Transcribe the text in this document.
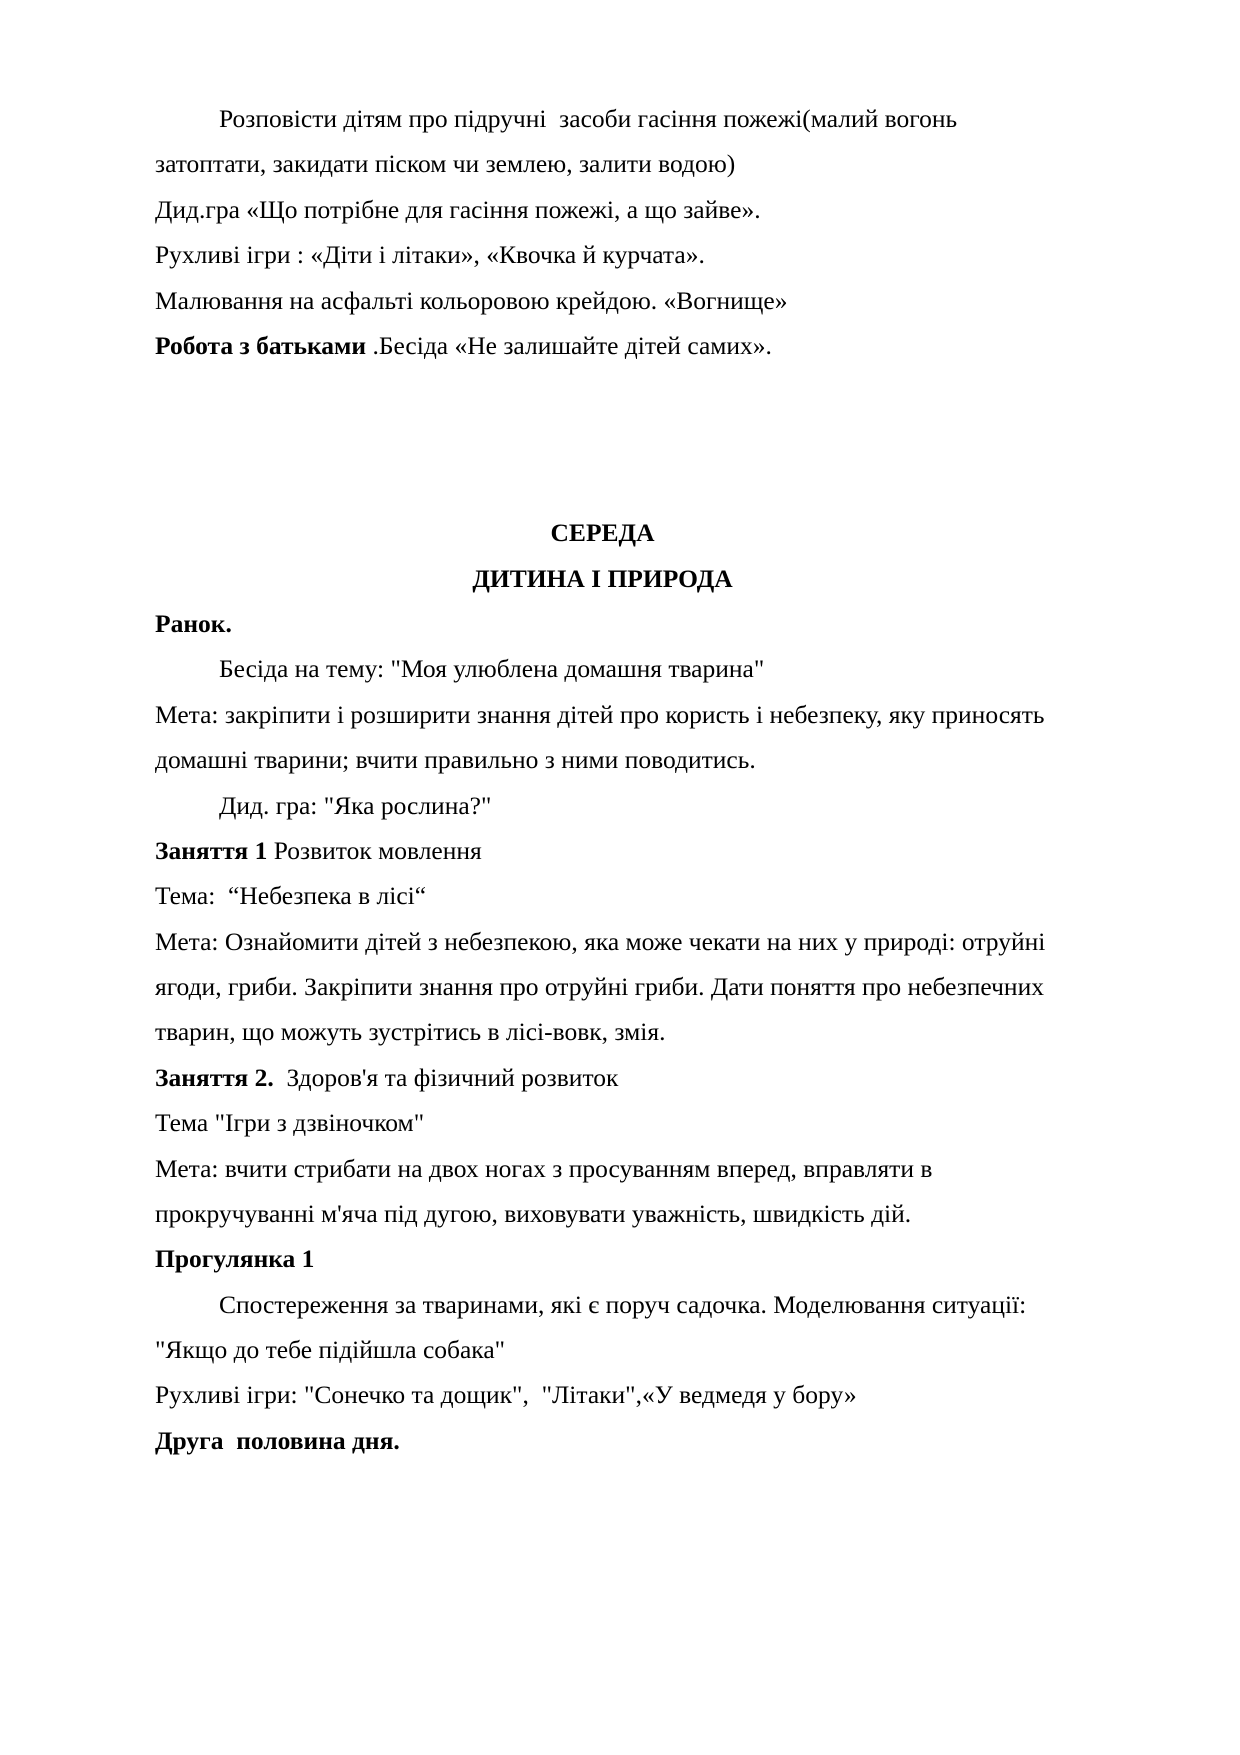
Розповісти дітям про підручні  засоби гасіння пожежі(малий вогонь затоптати, закидати піском чи землею, залити водою)

Дид.гра «Що потрібне для гасіння пожежі, а що зайве».

Рухливі ігри : «Діти і літаки», «Квочка й курчата».

Малювання на асфальті кольоровою крейдою. «Вогнище»

Робота з батьками .Бесіда «Не залишайте дітей самих».

СЕРЕДА

ДИТИНА І ПРИРОДА

Ранок.

Бесіда на тему: "Моя улюблена домашня тварина"

Мета: закріпити і розширити знання дітей про користь і небезпеку, яку приносять домашні тварини; вчити правильно з ними поводитись.

Дид. гра: "Яка рослина?"

Заняття 1 Розвиток мовлення

Тема:  “Небезпека в лісі“

Мета: Ознайомити дітей з небезпекою, яка може чекати на них у природі: отруйні ягоди, гриби. Закріпити знання про отруйні гриби. Дати поняття про небезпечних тварин, що можуть зустрітись в лісі-вовк, змія.

Заняття 2.  Здоров'я та фізичний розвиток

Тема "Ігри з дзвіночком"

Мета: вчити стрибати на двох ногах з просуванням вперед, вправляти в прокручуванні м'яча під дугою, виховувати уважність, швидкість дій.

Прогулянка 1

Спостереження за тваринами, які є поруч садочка. Моделювання ситуації: "Якщо до тебе підійшла собака"

Рухливі ігри: "Сонечко та дощик",  "Літаки",«У ведмедя у бору»

Друга  половина дня.
